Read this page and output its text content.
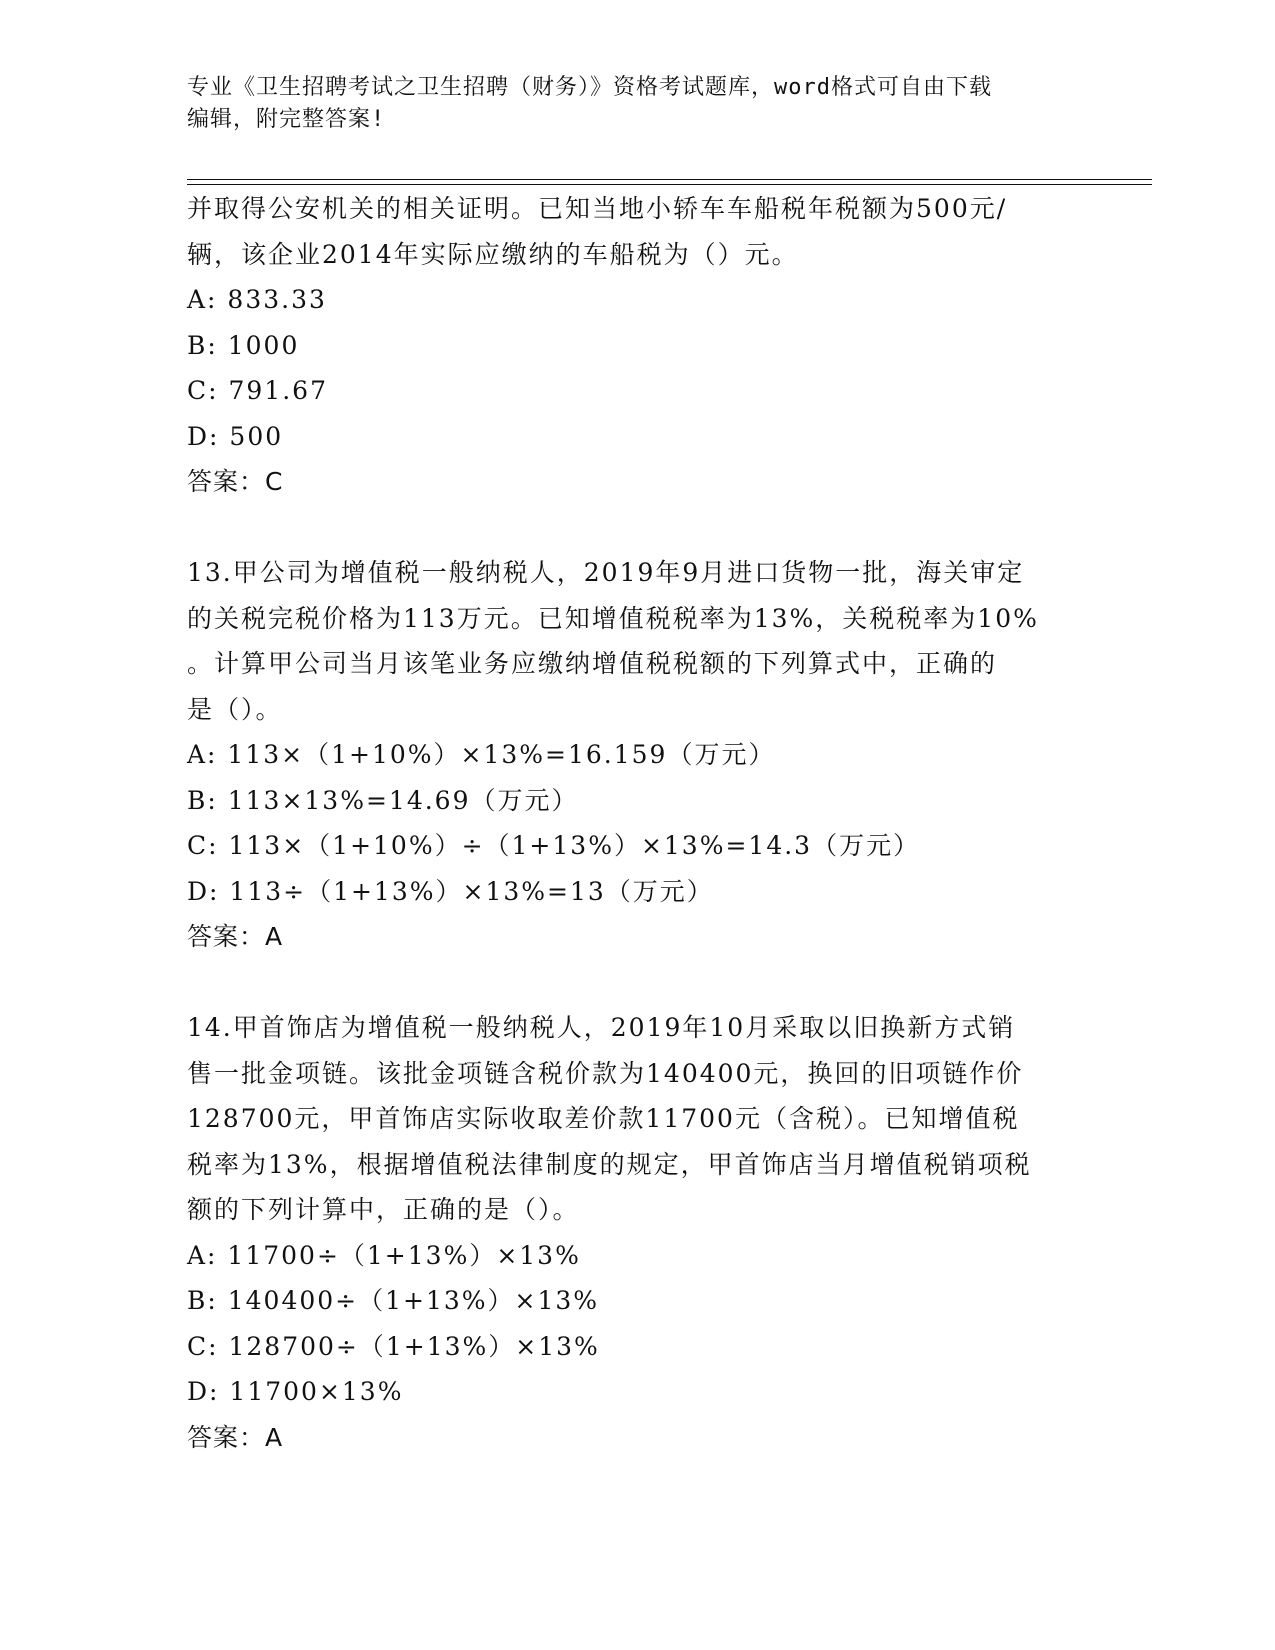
专业《卫生招聘考试之卫生招聘（财务）》资格考试题库，word格式可自由下载
编辑，附完整答案!
并取得公安机关的相关证明。已知当地小轿车车船税年税额为500元/
辆，该企业2014年实际应缴纳的车船税为（）元。
A: 833.33
B: 1000
C: 791.67
D: 500
答案：C
13.甲公司为增值税一般纳税人，2019年9月进口货物一批，海关审定
的关税完税价格为113万元。已知增值税税率为13%，关税税率为10%
。计算甲公司当月该笔业务应缴纳增值税税额的下列算式中，正确的
是（）。
A: 113×（1+10%）×13%=16.159（万元）
B: 113×13%=14.69（万元）
C: 113×（1+10%）÷（1+13%）×13%=14.3（万元）
D: 113÷（1+13%）×13%=13（万元）
答案：A
14.甲首饰店为增值税一般纳税人，2019年10月采取以旧换新方式销
售一批金项链。该批金项链含税价款为140400元，换回的旧项链作价
128700元，甲首饰店实际收取差价款11700元（含税）。已知增值税
税率为13%，根据增值税法律制度的规定，甲首饰店当月增值税销项税
额的下列计算中，正确的是（）。
A: 11700÷（1+13%）×13%
B: 140400÷（1+13%）×13%
C: 128700÷（1+13%）×13%
D: 11700×13%
答案：A
